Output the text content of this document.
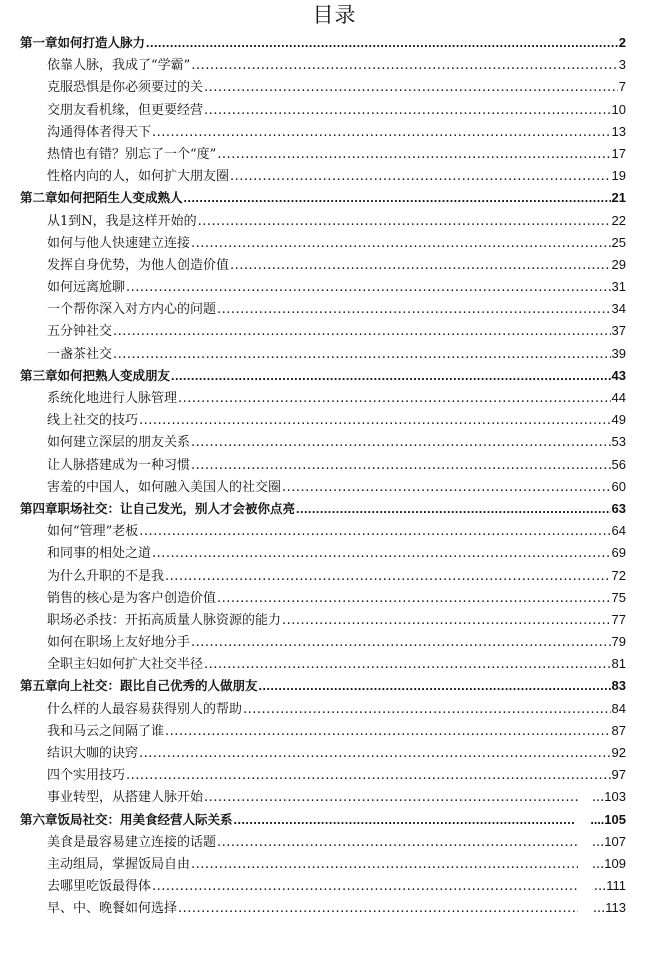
目录
第一章如何打造人脉力 .....	2
依靠人脉，我成了“学霸” .....	3
克服恐惧是你必须要过的关 .....	7
交朋友看机缘，但更要经营 .....	10
沟通得体者得天下 .....	13
热情也有错？别忘了一个“度” .....	17
性格内向的人，如何扩大朋友圈 .....	19
第二章如何把陌生人变成熟人 .....	21
从1到N，我是这样开始的 .....	22
如何与他人快速建立连接 .....	25
发挥自身优势，为他人创造价值 .....	29
如何远离尬聊 .....	31
一个帮你深入对方内心的问题 .....	34
五分钟社交 .....	37
一盏茶社交 .....	39
第三章如何把熟人变成朋友 .....	43
系统化地进行人脉管理 .....	44
线上社交的技巧 .....	49
如何建立深层的朋友关系 .....	53
让人脉搭建成为一种习惯 .....	56
害羞的中国人，如何融入美国人的社交圈 .....	60
第四章职场社交：让自己发光，别人才会被你点亮 .....	63
如何“管理”老板 .....	64
和同事的相处之道 .....	69
为什么升职的不是我 .....	72
销售的核心是为客户创造价值 .....	75
职场必杀技：开拓高质量人脉资源的能力 .....	77
如何在职场上友好地分手 .....	79
全职主妇如何扩大社交半径 .....	81
第五章向上社交：跟比自己优秀的人做朋友 .....	83
什么样的人最容易获得别人的帮助 .....	84
我和马云之间隔了谁 .....	87
结识大咖的诀窍 .....	92
四个实用技巧 .....	97
事业转型，从搭建人脉开始 .....	... 103
第六章饭局社交：用美食经营人际关系 .....	.... 105
美食是最容易建立连接的话题 .....	... 107
主动组局，掌握饭局自由 .....	... 109
去哪里吃饭最得体 .....	... 111
早、中、晚餐如何选择 .....	... 113
